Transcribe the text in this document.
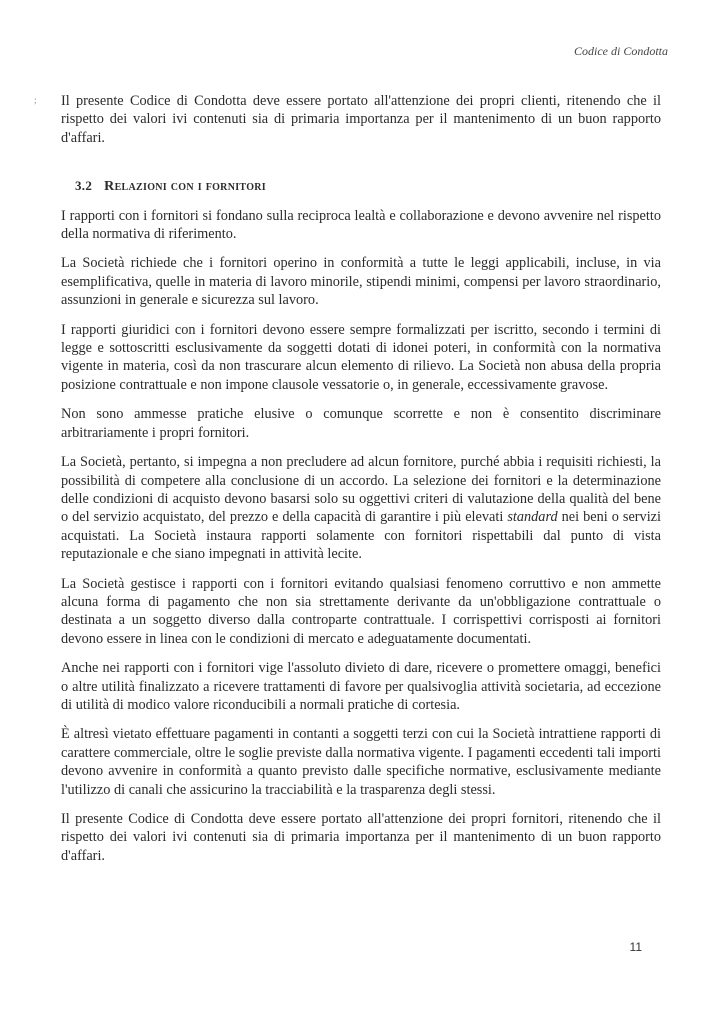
Codice di Condotta
; Il presente Codice di Condotta deve essere portato all'attenzione dei propri clienti, ritenendo che il rispetto dei valori ivi contenuti sia di primaria importanza per il mantenimento di un buon rapporto d'affari.

3.2 Relazioni con i fornitori

I rapporti con i fornitori si fondano sulla reciproca lealtà e collaborazione e devono avvenire nel rispetto della normativa di riferimento.

La Società richiede che i fornitori operino in conformità a tutte le leggi applicabili, incluse, in via esemplificativa, quelle in materia di lavoro minorile, stipendi minimi, compensi per lavoro straordinario, assunzioni in generale e sicurezza sul lavoro.

I rapporti giuridici con i fornitori devono essere sempre formalizzati per iscritto, secondo i termini di legge e sottoscritti esclusivamente da soggetti dotati di idonei poteri, in conformità con la normativa vigente in materia, così da non trascurare alcun elemento di rilievo. La Società non abusa della propria posizione contrattuale e non impone clausole vessatorie o, in generale, eccessivamente gravose.

Non sono ammesse pratiche elusive o comunque scorrette e non è consentito discriminare arbitrariamente i propri fornitori.

La Società, pertanto, si impegna a non precludere ad alcun fornitore, purché abbia i requisiti richiesti, la possibilità di competere alla conclusione di un accordo. La selezione dei fornitori e la determinazione delle condizioni di acquisto devono basarsi solo su oggettivi criteri di valutazione della qualità del bene o del servizio acquistato, del prezzo e della capacità di garantire i più elevati standard nei beni o servizi acquistati. La Società instaura rapporti solamente con fornitori rispettabili dal punto di vista reputazionale e che siano impegnati in attività lecite.

La Società gestisce i rapporti con i fornitori evitando qualsiasi fenomeno corruttivo e non ammette alcuna forma di pagamento che non sia strettamente derivante da un'obbligazione contrattuale o destinata a un soggetto diverso dalla controparte contrattuale. I corrispettivi corrisposti ai fornitori devono essere in linea con le condizioni di mercato e adeguatamente documentati.

Anche nei rapporti con i fornitori vige l'assoluto divieto di dare, ricevere o promettere omaggi, benefici o altre utilità finalizzato a ricevere trattamenti di favore per qualsivoglia attività societaria, ad eccezione di utilità di modico valore riconducibili a normali pratiche di cortesia.

È altresì vietato effettuare pagamenti in contanti a soggetti terzi con cui la Società intrattiene rapporti di carattere commerciale, oltre le soglie previste dalla normativa vigente. I pagamenti eccedenti tali importi devono avvenire in conformità a quanto previsto dalle specifiche normative, esclusivamente mediante l'utilizzo di canali che assicurino la tracciabilità e la trasparenza degli stessi.

Il presente Codice di Condotta deve essere portato all'attenzione dei propri fornitori, ritenendo che il rispetto dei valori ivi contenuti sia di primaria importanza per il mantenimento di un buon rapporto d'affari.

11
